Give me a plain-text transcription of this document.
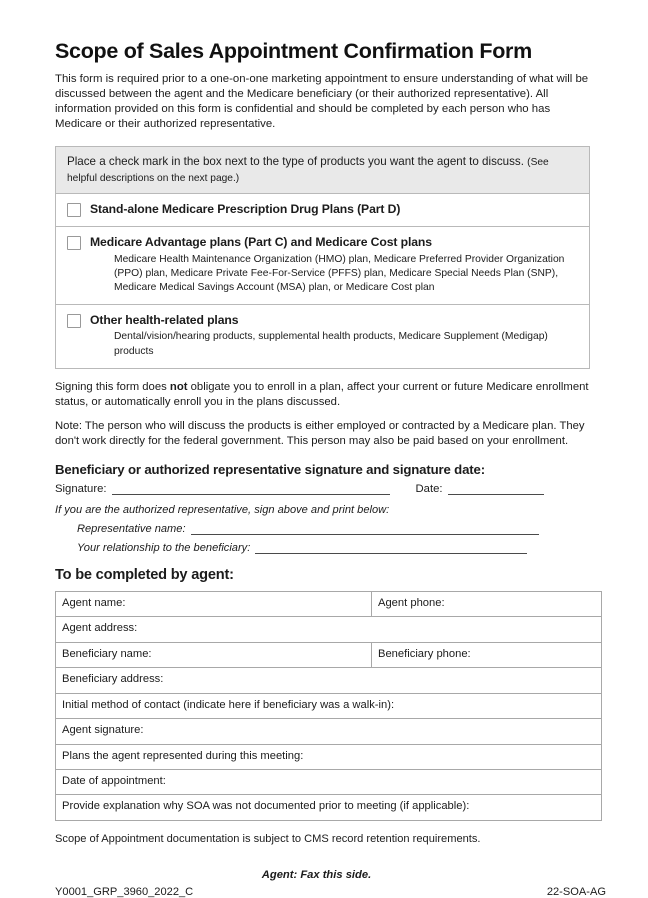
Scope of Sales Appointment Confirmation Form

This form is required prior to a one-on-one marketing appointment to ensure understanding of what will be discussed between the agent and the Medicare beneficiary (or their authorized representative). All information provided on this form is confidential and should be completed by each person who has Medicare or their authorized representative.

Place a check mark in the box next to the type of products you want the agent to discuss. (See helpful descriptions on the next page.)
Stand-alone Medicare Prescription Drug Plans (Part D)
Medicare Advantage plans (Part C) and Medicare Cost plans
Medicare Health Maintenance Organization (HMO) plan, Medicare Preferred Provider Organization (PPO) plan, Medicare Private Fee-For-Service (PFFS) plan, Medicare Special Needs Plan (SNP), Medicare Medical Savings Account (MSA) plan, or Medicare Cost plan
Other health-related plans
Dental/vision/hearing products, supplemental health products, Medicare Supplement (Medigap) products

Signing this form does not obligate you to enroll in a plan, affect your current or future Medicare enrollment status, or automatically enroll you in the plans discussed.

Note: The person who will discuss the products is either employed or contracted by a Medicare plan. They don't work directly for the federal government. This person may also be paid based on your enrollment.

Beneficiary or authorized representative signature and signature date:
Signature:	Date:
If you are the authorized representative, sign above and print below:
Representative name:
Your relationship to the beneficiary:
To be completed by agent:
Agent name:	Agent phone:
Agent address:	
Beneficiary name:	Beneficiary phone:
Beneficiary address:	
Initial method of contact (indicate here if beneficiary was a walk-in):	
Agent signature:	
Plans the agent represented during this meeting:	
Date of appointment:	
Provide explanation why SOA was not documented prior to meeting (if applicable):	
Scope of Appointment documentation is subject to CMS record retention requirements.
Agent: Fax this side.
Y0001_GRP_3960_2022_C	22-SOA-AG
